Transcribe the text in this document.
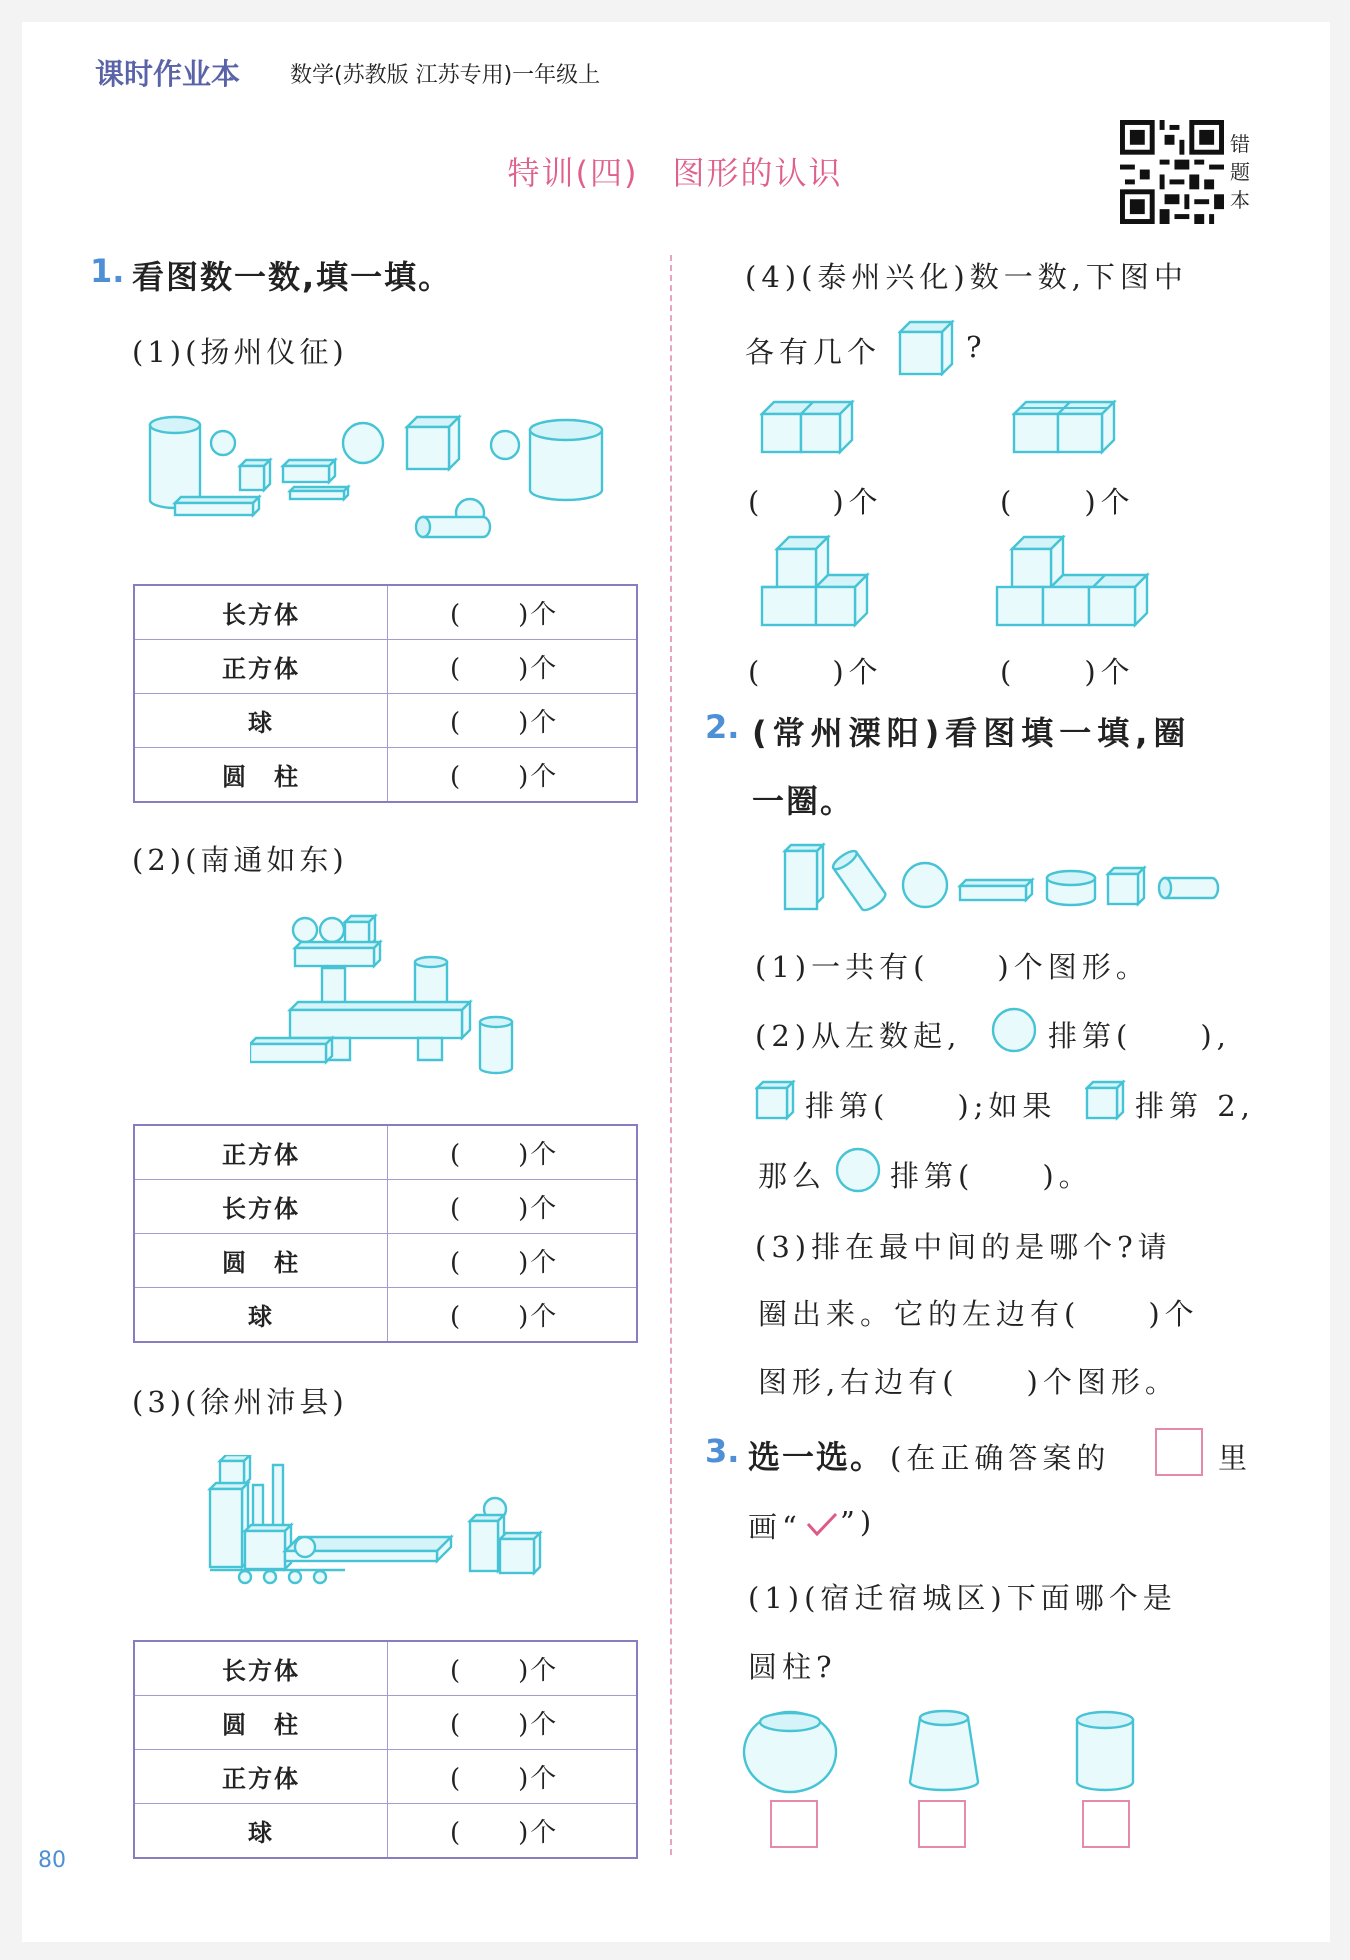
课时作业本 数学(苏教版 江苏专用)一年级上
特训(四)　图形的认识
错题本
1. 看图数一数,填一填。
(1)(扬州仪征)
长方体	(　　)个
正方体	(　　)个
球	(　　)个
圆　柱	(　　)个
(2)(南通如东)
正方体	(　　)个
长方体	(　　)个
圆　柱	(　　)个
球	(　　)个
(3)(徐州沛县)
长方体	(　　)个
圆　柱	(　　)个
正方体	(　　)个
球	(　　)个
80
(4)(泰州兴化)数一数,下图中
各有几个	?
(　　)个	(　　)个
(　　)个	(　　)个
2. (常州溧阳)看图填一填,圈
一圈。
(1)一共有(　　)个图形。
(2)从左数起,	排第(　　),
排第(　　);如果	排第 2,
那么 排第(　　)。
(3)排在最中间的是哪个?请
圈出来。它的左边有(　　)个
图形,右边有(　　)个图形。
3. 选一选。 (在正确答案的	里
画“ ”)
(1)(宿迁宿城区)下面哪个是
圆柱?
